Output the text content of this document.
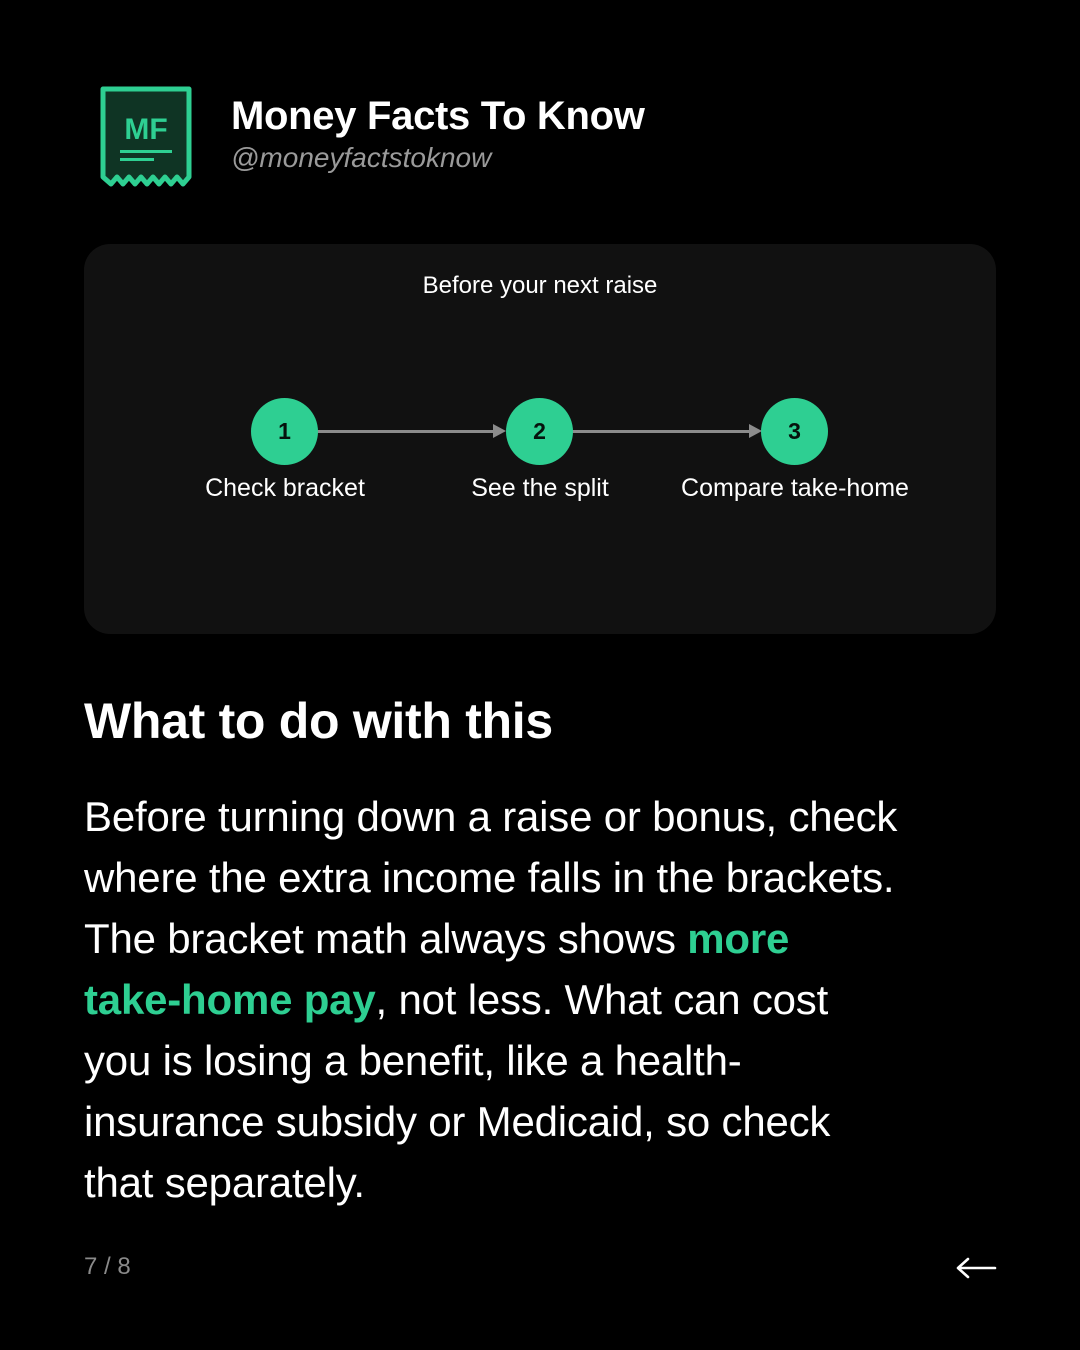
MF Money Facts To Know
@moneyfactstoknow
Before your next raise
1	2	3
Check bracket	See the split	Compare take-home
What to do with this
Before turning down a raise or bonus, check
where the extra income falls in the brackets.
The bracket math always shows more
take-home pay, not less. What can cost
you is losing a benefit, like a health-
insurance subsidy or Medicaid, so check
that separately.
7 / 8
